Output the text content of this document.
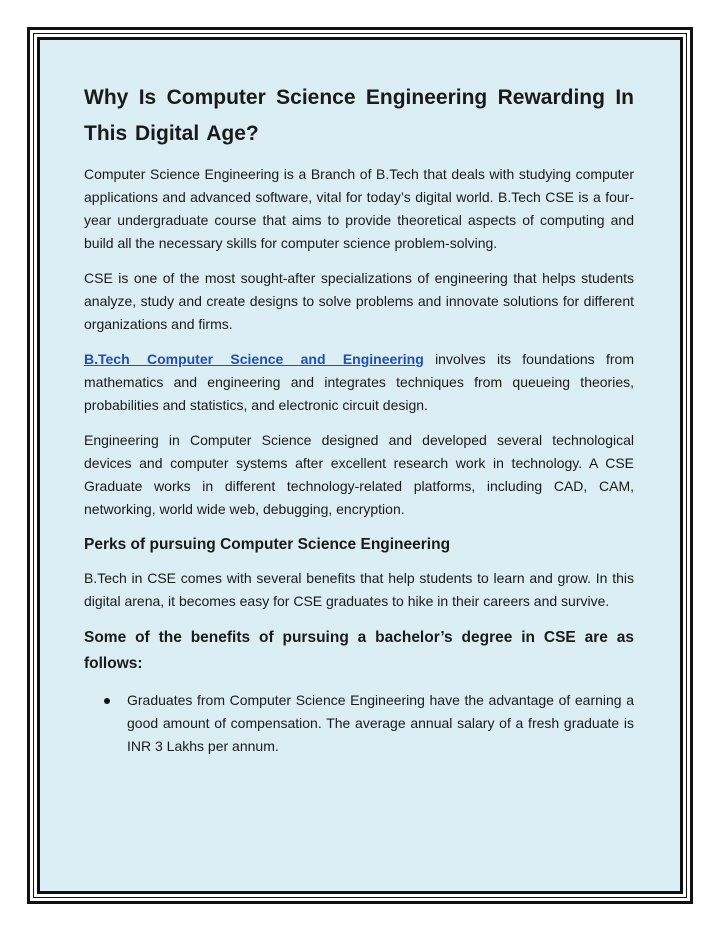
Why Is Computer Science Engineering Rewarding In This Digital Age?

Computer Science Engineering is a Branch of B.Tech that deals with studying computer applications and advanced software, vital for today’s digital world. B.Tech CSE is a four-year undergraduate course that aims to provide theoretical aspects of computing and build all the necessary skills for computer science problem-solving.

CSE is one of the most sought-after specializations of engineering that helps students analyze, study and create designs to solve problems and innovate solutions for different organizations and firms.

B.Tech Computer Science and Engineering involves its foundations from mathematics and engineering and integrates techniques from queueing theories, probabilities and statistics, and electronic circuit design.

Engineering in Computer Science designed and developed several technological devices and computer systems after excellent research work in technology. A CSE Graduate works in different technology-related platforms, including CAD, CAM, networking, world wide web, debugging, encryption.

Perks of pursuing Computer Science Engineering

B.Tech in CSE comes with several benefits that help students to learn and grow. In this digital arena, it becomes easy for CSE graduates to hike in their careers and survive.

Some of the benefits of pursuing a bachelor’s degree in CSE are as follows:
Graduates from Computer Science Engineering have the advantage of earning a good amount of compensation. The average annual salary of a fresh graduate is INR 3 Lakhs per annum.
